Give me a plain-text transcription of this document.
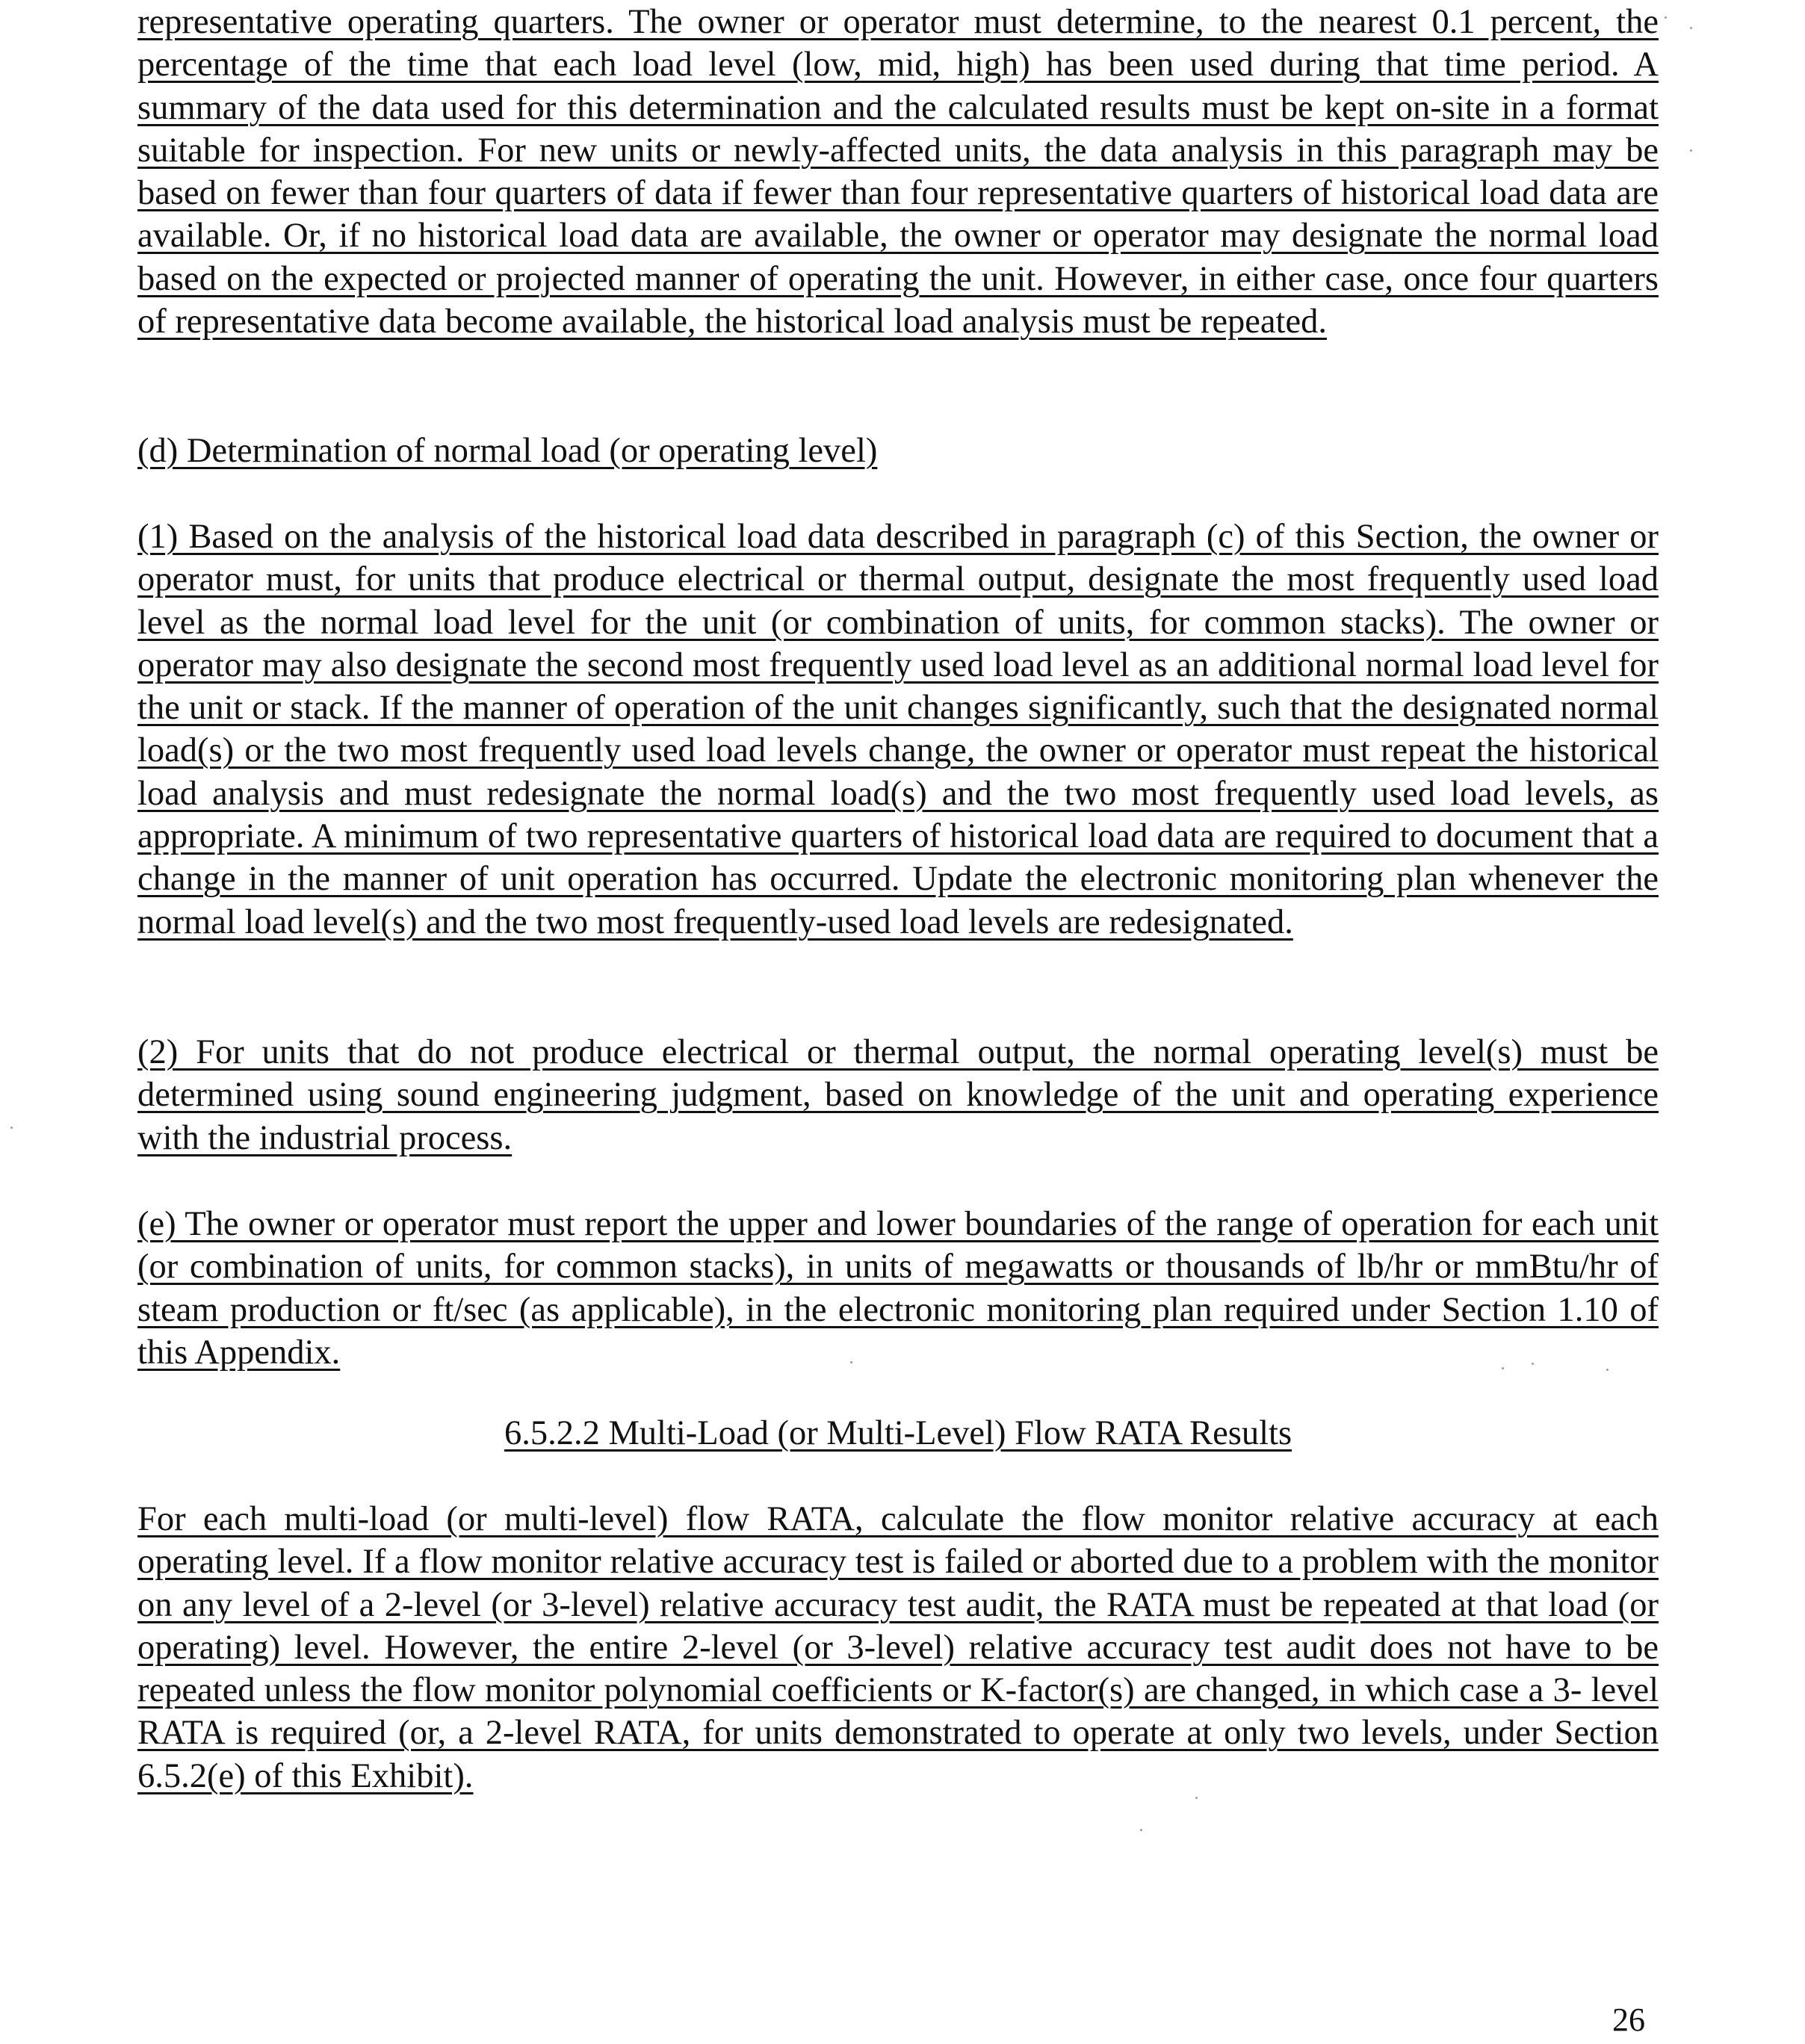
representative operating quarters. The owner or operator must determine, to the nearest 0.1 percent, the percentage of the time that each load level (low, mid, high) has been used during that time period. A summary of the data used for this determination and the calculated results must be kept on-site in a format suitable for inspection. For new units or newly-affected units, the data analysis in this paragraph may be based on fewer than four quarters of data if fewer than four representative quarters of historical load data are available. Or, if no historical load data are available, the owner or operator may designate the normal load based on the expected or projected manner of operating the unit. However, in either case, once four quarters of representative data become available, the historical load analysis must be repeated.

(d) Determination of normal load (or operating level)

(1) Based on the analysis of the historical load data described in paragraph (c) of this Section, the owner or operator must, for units that produce electrical or thermal output, designate the most frequently used load level as the normal load level for the unit (or combination of units, for common stacks). The owner or operator may also designate the second most frequently used load level as an additional normal load level for the unit or stack. If the manner of operation of the unit changes significantly, such that the designated normal load(s) or the two most frequently used load levels change, the owner or operator must repeat the historical load analysis and must redesignate the normal load(s) and the two most frequently used load levels, as appropriate. A minimum of two representative quarters of historical load data are required to document that a change in the manner of unit operation has occurred. Update the electronic monitoring plan whenever the normal load level(s) and the two most frequently-used load levels are redesignated.

(2) For units that do not produce electrical or thermal output, the normal operating level(s) must be determined using sound engineering judgment, based on knowledge of the unit and operating experience with the industrial process.

(e) The owner or operator must report the upper and lower boundaries of the range of operation for each unit (or combination of units, for common stacks), in units of megawatts or thousands of lb/hr or mmBtu/hr of steam production or ft/sec (as applicable), in the electronic monitoring plan required under Section 1.10 of this Appendix.

6.5.2.2 Multi-Load (or Multi-Level) Flow RATA Results

For each multi-load (or multi-level) flow RATA, calculate the flow monitor relative accuracy at each operating level. If a flow monitor relative accuracy test is failed or aborted due to a problem with the monitor on any level of a 2-level (or 3-level) relative accuracy test audit, the RATA must be repeated at that load (or operating) level. However, the entire 2-level (or 3-level) relative accuracy test audit does not have to be repeated unless the flow monitor polynomial coefficients or K-factor(s) are changed, in which case a 3- level RATA is required (or, a 2-level RATA, for units demonstrated to operate at only two levels, under Section 6.5.2(e) of this Exhibit).

26
